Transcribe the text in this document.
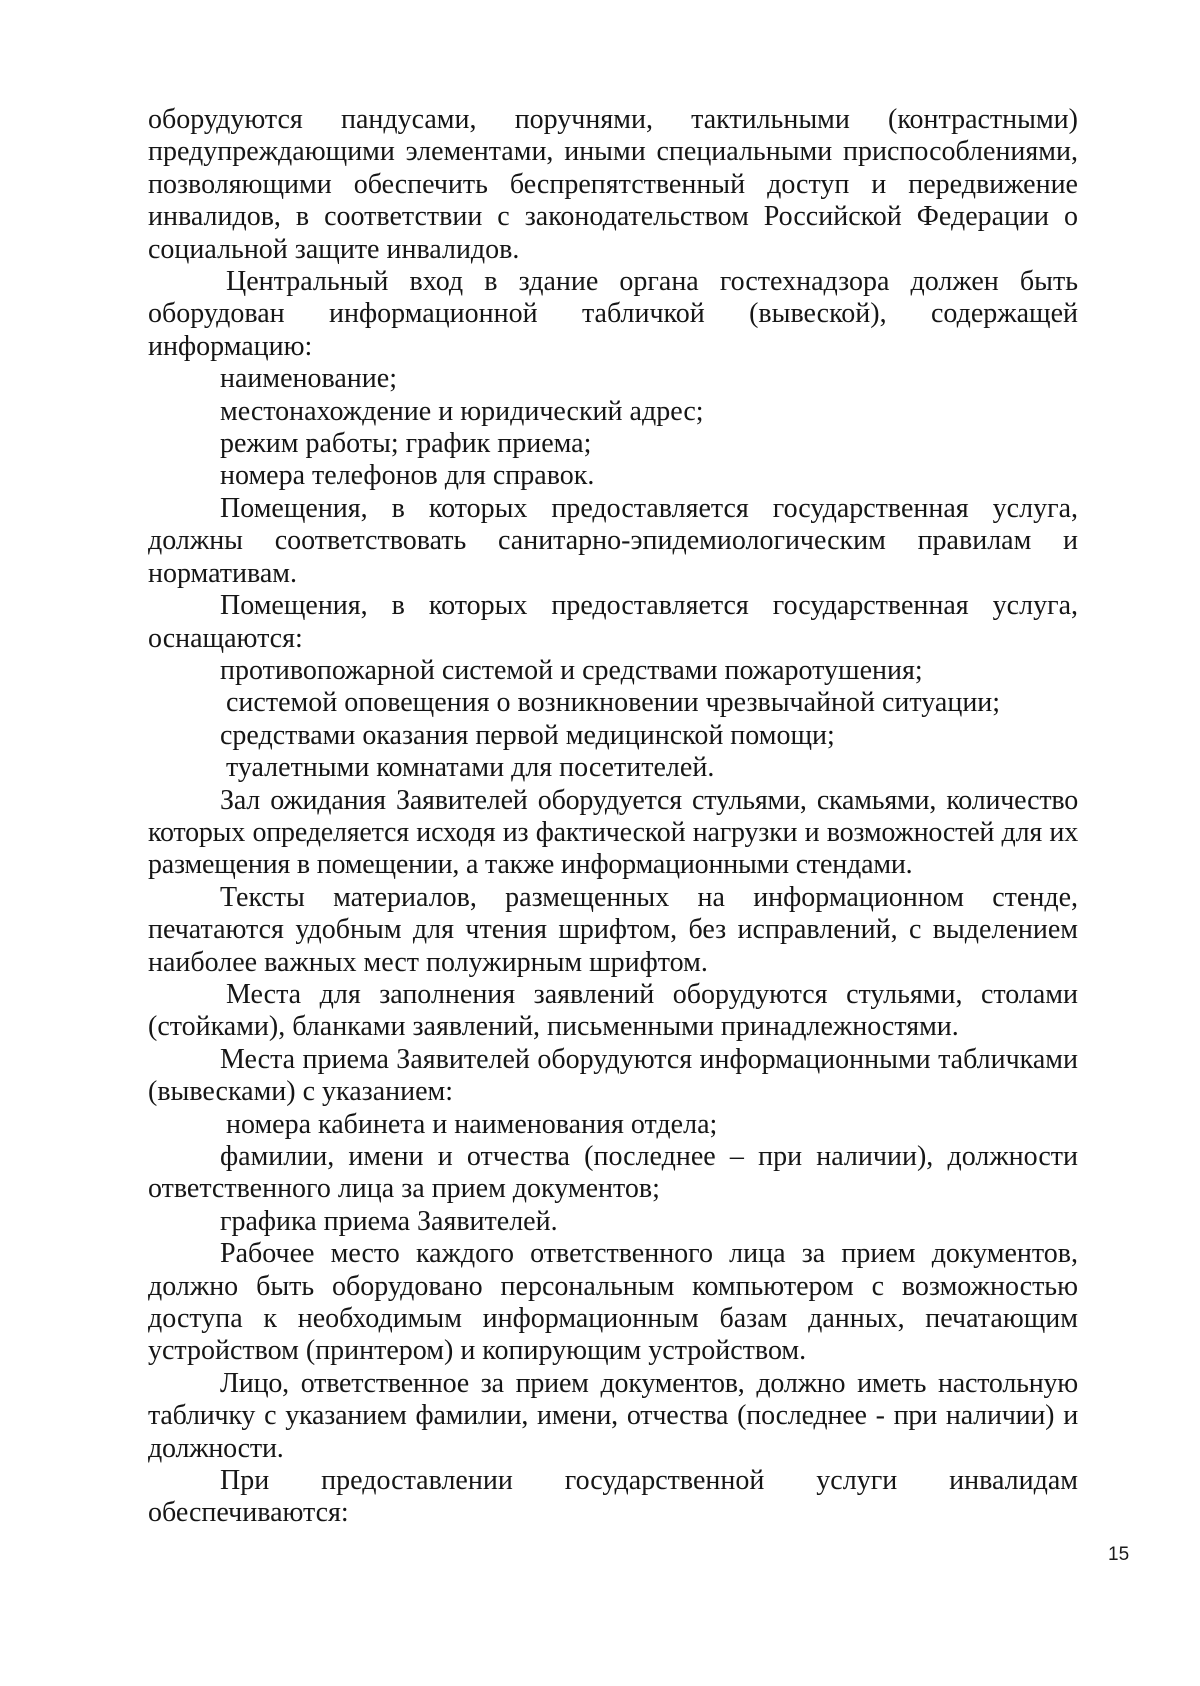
оборудуются пандусами, поручнями, тактильными (контрастными) предупреждающими элементами, иными специальными приспособлениями, позволяющими обеспечить беспрепятственный доступ и передвижение инвалидов, в соответствии с законодательством Российской Федерации о социальной защите инвалидов.

Центральный вход в здание органа гостехнадзора должен быть оборудован информационной табличкой (вывеской), содержащей информацию:

наименование;

местонахождение и юридический адрес;

режим работы; график приема;

номера телефонов для справок.

Помещения, в которых предоставляется государственная услуга, должны соответствовать санитарно-эпидемиологическим правилам и нормативам.

Помещения, в которых предоставляется государственная услуга, оснащаются:

противопожарной системой и средствами пожаротушения;

системой оповещения о возникновении чрезвычайной ситуации;

средствами оказания первой медицинской помощи;

туалетными комнатами для посетителей.

Зал ожидания Заявителей оборудуется стульями, скамьями, количество которых определяется исходя из фактической нагрузки и возможностей для их размещения в помещении, а также информационными стендами.

Тексты материалов, размещенных на информационном стенде, печатаются удобным для чтения шрифтом, без исправлений, с выделением наиболее важных мест полужирным шрифтом.

Места для заполнения заявлений оборудуются стульями, столами (стойками), бланками заявлений, письменными принадлежностями.

Места приема Заявителей оборудуются информационными табличками (вывесками) с указанием:

номера кабинета и наименования отдела;

фамилии, имени и отчества (последнее – при наличии), должности ответственного лица за прием документов;

графика приема Заявителей.

Рабочее место каждого ответственного лица за прием документов, должно быть оборудовано персональным компьютером с возможностью доступа к необходимым информационным базам данных, печатающим устройством (принтером) и копирующим устройством.

Лицо, ответственное за прием документов, должно иметь настольную табличку с указанием фамилии, имени, отчества (последнее - при наличии) и должности.

При предоставлении государственной услуги инвалидам обеспечиваются:

15
